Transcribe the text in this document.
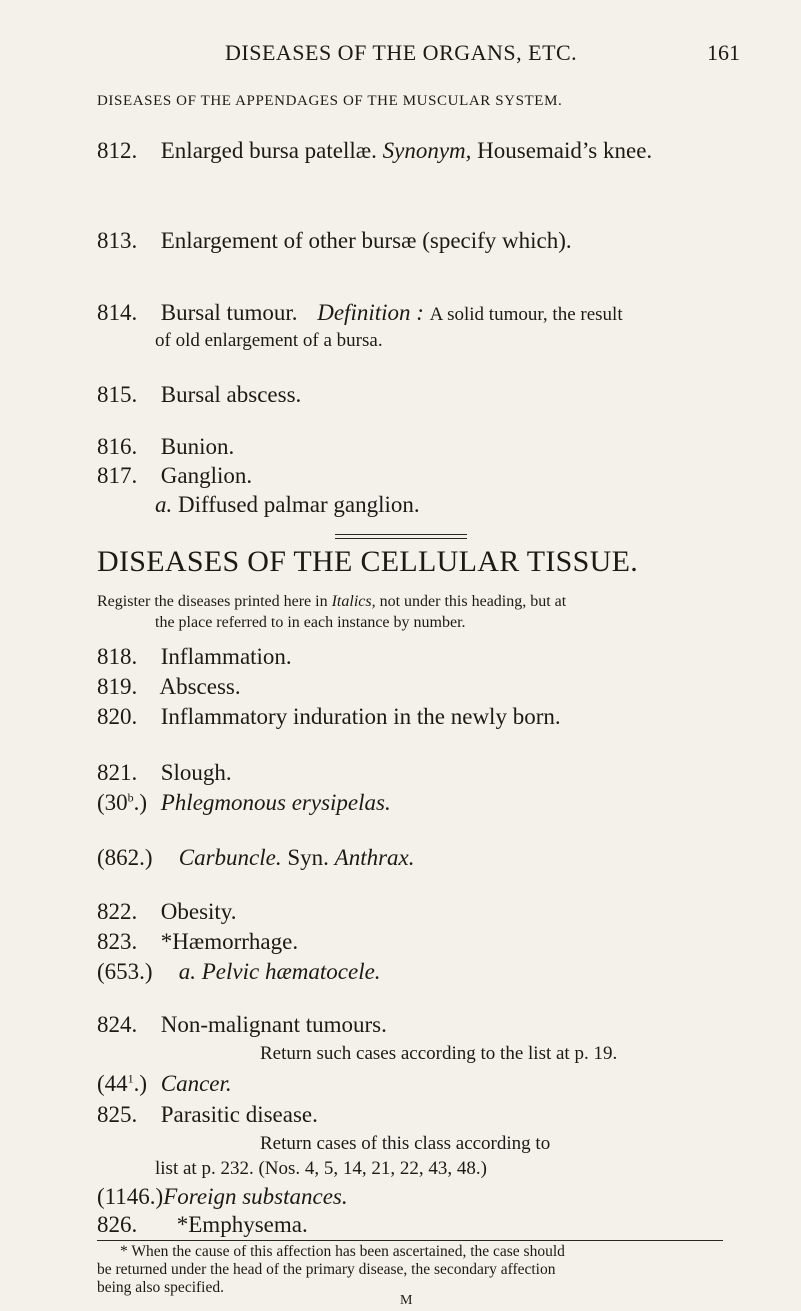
DISEASES OF THE ORGANS, ETC.	161
DISEASES OF THE APPENDAGES OF THE MUSCULAR SYSTEM.
812. Enlarged bursa patellæ. Synonym, Housemaid’s knee.
813. Enlargement of other bursæ (specify which).
814. Bursal tumour. Definition : A solid tumour, the result
of old enlargement of a bursa.
815. Bursal abscess.
816. Bunion.
817. Ganglion.
a. Diffused palmar ganglion.
DISEASES OF THE CELLULAR TISSUE.
Register the diseases printed here in Italics, not under this heading, but at
the place referred to in each instance by number.
818. Inflammation.
819. Abscess.
820. Inflammatory induration in the newly born.
821. Slough.
(30$^b$.) Phlegmonous erysipelas.
(862.) Carbuncle. Syn. Anthrax.
822. Obesity.
823. *Hæmorrhage.
(653.) a. Pelvic hæmatocele.
824. Non-malignant tumours.
Return such cases according to the list at p. 19.
$(44^1.)$ Cancer.
825. Parasitic disease.
Return cases of this class according to
list at p. 232. (Nos. 4, 5, 14, 21, 22, 43, 48.)
(1146.)Foreign substances.
826. *Emphysema.
* When the cause of this affection has been ascertained, the case should
be returned under the head of the primary disease, the secondary affection
being also specified.
M
